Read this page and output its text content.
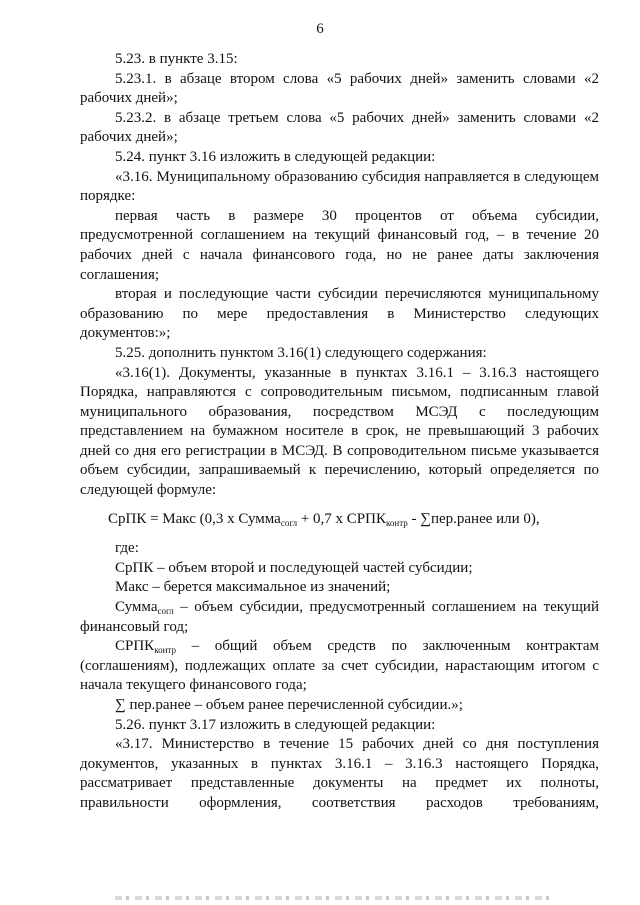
6

5.23. в пункте 3.15:

5.23.1. в абзаце втором слова «5 рабочих дней» заменить словами «2 рабочих дней»;

5.23.2. в абзаце третьем слова «5 рабочих дней» заменить словами «2 рабочих дней»;

5.24. пункт 3.16 изложить в следующей редакции:

«3.16. Муниципальному образованию субсидия направляется в следующем порядке:

первая часть в размере 30 процентов от объема субсидии, предусмотренной соглашением на текущий финансовый год, – в течение 20 рабочих дней с начала финансового года, но не ранее даты заключения соглашения;

вторая и последующие части субсидии перечисляются муниципальному образованию по мере предоставления в Министерство следующих документов:»;

5.25. дополнить пунктом 3.16(1) следующего содержания:

«3.16(1). Документы, указанные в пунктах 3.16.1 – 3.16.3 настоящего Порядка, направляются с сопроводительным письмом, подписанным главой муниципального образования, посредством МСЭД с последующим представлением на бумажном носителе в срок, не превышающий 3 рабочих дней со дня его регистрации в МСЭД. В сопроводительном письме указывается объем субсидии, запрашиваемый к перечислению, который определяется по следующей формуле:

СрПК = Макс (0,3 x Сумма$_{согл}$ + 0,7 x $СРПК_{контр}$ - ∑пер.ранее или 0),

где:

СрПК – объем второй и последующей частей субсидии;

Макс – берется максимальное из значений;

Сумма$_{согл}$ – объем субсидии, предусмотренный соглашением на текущий финансовый год;

$СРПК_{контр}$ – общий объем средств по заключенным контрактам (соглашениям), подлежащих оплате за счет субсидии, нарастающим итогом с начала текущего финансового года;

∑ пер.ранее – объем ранее перечисленной субсидии.»;

5.26. пункт 3.17 изложить в следующей редакции:

«3.17. Министерство в течение 15 рабочих дней со дня поступления документов, указанных в пунктах 3.16.1 – 3.16.3 настоящего Порядка, рассматривает представленные документы на предмет их полноты, правильности оформления, соответствия расходов требованиям,
